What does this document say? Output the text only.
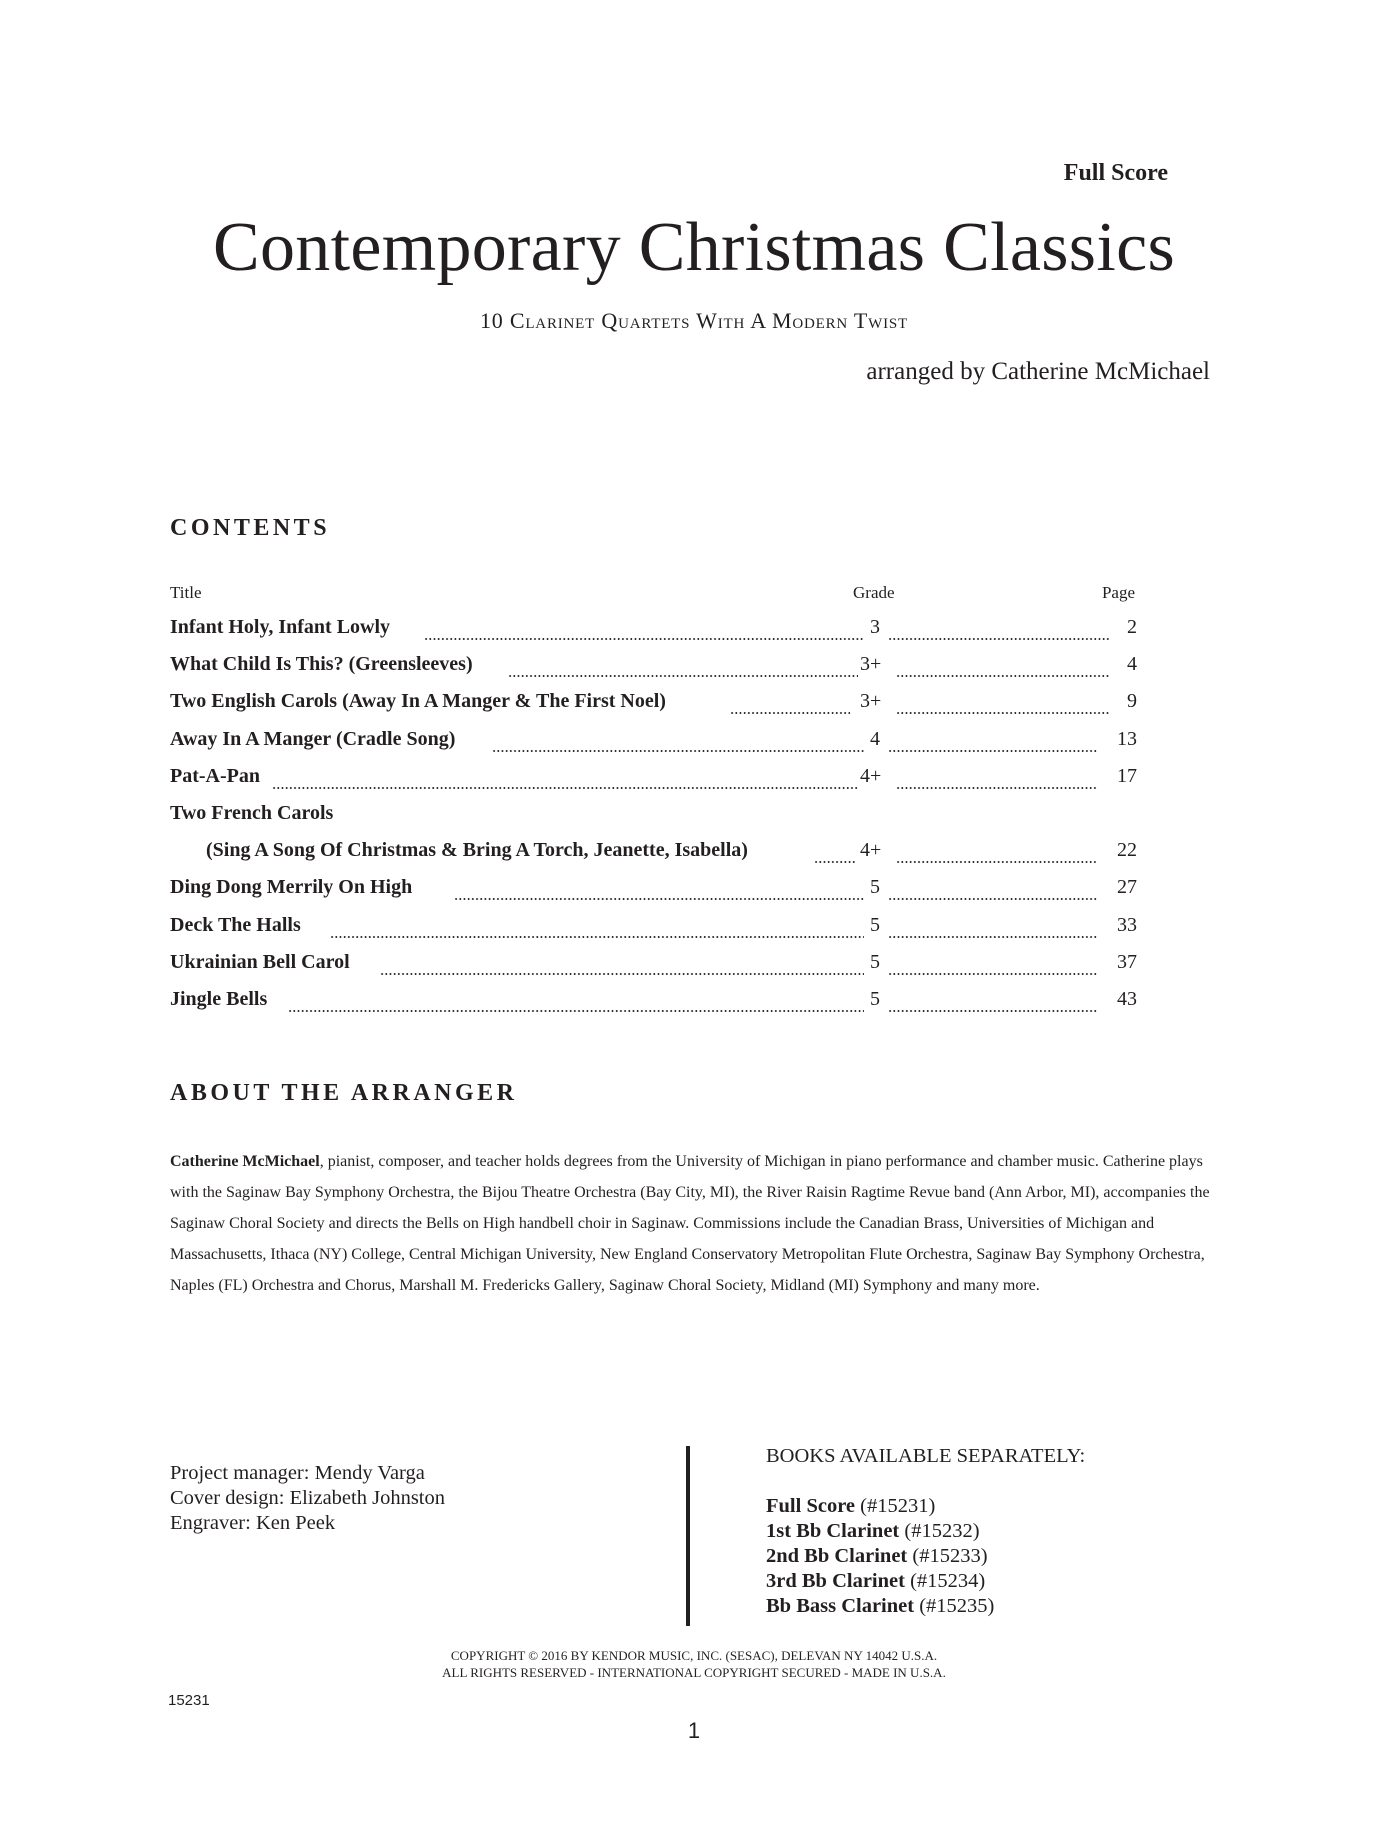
Full Score
Contemporary Christmas Classics
10 Clarinet Quartets With A Modern Twist
arranged by Catherine McMichael
CONTENTS
Title	Grade	Page
Infant Holy, Infant Lowly	3	2
What Child Is This? (Greensleeves)	3+	4
Two English Carols (Away In A Manger & The First Noel)	3+	9
Away In A Manger (Cradle Song)	4	13
Pat-A-Pan	4+	17
Two French Carols
(Sing A Song Of Christmas & Bring A Torch, Jeanette, Isabella)	4+	22
Ding Dong Merrily On High	5	27
Deck The Halls	5	33
Ukrainian Bell Carol	5	37
Jingle Bells	5	43
ABOUT THE ARRANGER

Catherine McMichael, pianist, composer, and teacher holds degrees from the University of Michigan in piano performance and chamber music. Catherine plays with the Saginaw Bay Symphony Orchestra, the Bijou Theatre Orchestra (Bay City, MI), the River Raisin Ragtime Revue band (Ann Arbor, MI), accompanies the Saginaw Choral Society and directs the Bells on High handbell choir in Saginaw. Commissions include the Canadian Brass, Universities of Michigan and Massachusetts, Ithaca (NY) College, Central Michigan University, New England Conservatory Metropolitan Flute Orchestra, Saginaw Bay Symphony Orchestra, Naples (FL) Orchestra and Chorus, Marshall M. Fredericks Gallery, Saginaw Choral Society, Midland (MI) Symphony and many more.

Project manager: Mendy Varga
Cover design: Elizabeth Johnston
Engraver: Ken Peek
BOOKS AVAILABLE SEPARATELY:
Full Score (#15231)
1st Bb Clarinet (#15232)
2nd Bb Clarinet (#15233)
3rd Bb Clarinet (#15234)
Bb Bass Clarinet (#15235)
COPYRIGHT © 2016 BY KENDOR MUSIC, INC. (SESAC), DELEVAN NY 14042 U.S.A.
ALL RIGHTS RESERVED - INTERNATIONAL COPYRIGHT SECURED - MADE IN U.S.A.
15231
1
